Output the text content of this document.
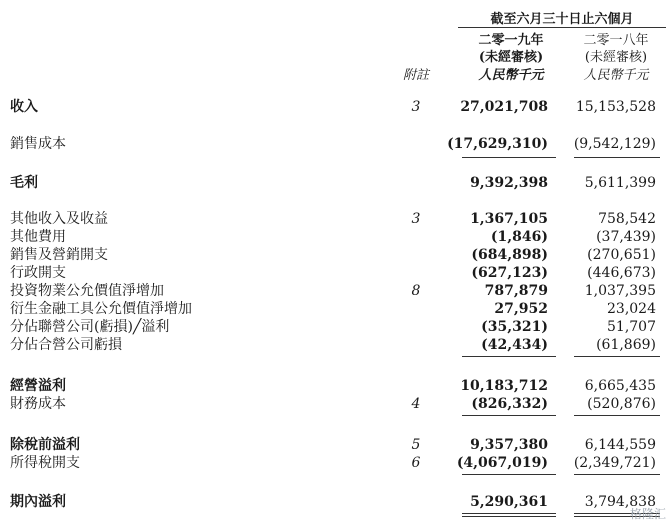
截至六月三十日止六個月
二零一九年	二零一八年
(未經審核)	(未經審核)
附註	人民幣千元	人民幣千元
收入	3	27,021,708 15,153,528
銷售成本	(17,629,310) (9,542,129)
毛利	9,392,398	5,611,399
其他收入及收益	3	1,367,105	758,542
其他費用	(1,846)	(37,439)
銷售及營銷開支	(684,898)	(270,651)
行政開支	(627,123)	(446,673)
投資物業公允價值淨增加	8	787,879	1,037,395
衍生金融工具公允價值淨增加	27,952	23,024
分佔聯營公司(虧損)╱溢利	(35,321)	51,707
分佔合營公司虧損	(42,434)	(61,869)
經營溢利	10,183,712	6,665,435
財務成本	4	(826,332)	(520,876)
除稅前溢利	5	9,357,380	6,144,559
所得稅開支	6	(4,067,019) (2,349,721)
期內溢利	5,290,361	3,794,838
格隆汇
